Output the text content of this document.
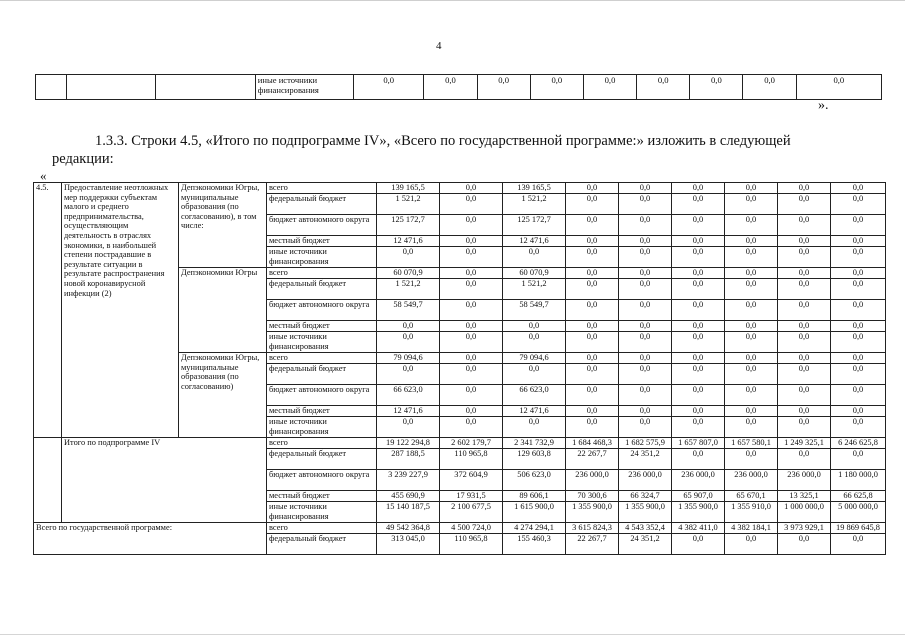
4
			иные источники финансирования	0,0	0,0	0,0	0,0	0,0	0,0	0,0	0,0	0,0
».
1.3.3. Строки 4.5, «Итого по подпрограмме IV», «Всего по государственной программе:» изложить в следующей редакции:
«
4.5.	Предоставление неотложных мер поддержки субъектам малого и среднего предпринимательства, осуществляющим деятельность в отраслях экономики, в наибольшей степени пострадавшие в результате ситуации в результате распространения новой коронавирусной инфекции (2)	Депэкономики Югры, муниципальные образования (по согласованию), в том числе:	всего	139 165,5	0,0	139 165,5	0,0	0,0	0,0	0,0	0,0	0,0
			федеральный бюджет	1 521,2	0,0	1 521,2	0,0	0,0	0,0	0,0	0,0	0,0
			бюджет автономного округа	125 172,7	0,0	125 172,7	0,0	0,0	0,0	0,0	0,0	0,0
			местный бюджет	12 471,6	0,0	12 471,6	0,0	0,0	0,0	0,0	0,0	0,0
			иные источники финансирования	0,0	0,0	0,0	0,0	0,0	0,0	0,0	0,0	0,0
		Депэкономики Югры	всего	60 070,9	0,0	60 070,9	0,0	0,0	0,0	0,0	0,0	0,0
			федеральный бюджет	1 521,2	0,0	1 521,2	0,0	0,0	0,0	0,0	0,0	0,0
			бюджет автономного округа	58 549,7	0,0	58 549,7	0,0	0,0	0,0	0,0	0,0	0,0
			местный бюджет	0,0	0,0	0,0	0,0	0,0	0,0	0,0	0,0	0,0
			иные источники финансирования	0,0	0,0	0,0	0,0	0,0	0,0	0,0	0,0	0,0
		Депэкономики Югры, муниципальные образования (по согласованию)	всего	79 094,6	0,0	79 094,6	0,0	0,0	0,0	0,0	0,0	0,0
			федеральный бюджет	0,0	0,0	0,0	0,0	0,0	0,0	0,0	0,0	0,0
			бюджет автономного округа	66 623,0	0,0	66 623,0	0,0	0,0	0,0	0,0	0,0	0,0
			местный бюджет	12 471,6	0,0	12 471,6	0,0	0,0	0,0	0,0	0,0	0,0
			иные источники финансирования	0,0	0,0	0,0	0,0	0,0	0,0	0,0	0,0	0,0
	Итого по подпрограмме IV		всего	19 122 294,8	2 602 179,7	2 341 732,9	1 684 468,3	1 682 575,9	1 657 807,0	1 657 580,1	1 249 325,1	6 246 625,8
			федеральный бюджет	287 188,5	110 965,8	129 603,8	22 267,7	24 351,2	0,0	0,0	0,0	0,0
			бюджет автономного округа	3 239 227,9	372 604,9	506 623,0	236 000,0	236 000,0	236 000,0	236 000,0	236 000,0	1 180 000,0
			местный бюджет	455 690,9	17 931,5	89 606,1	70 300,6	66 324,7	65 907,0	65 670,1	13 325,1	66 625,8
			иные источники финансирования	15 140 187,5	2 100 677,5	1 615 900,0	1 355 900,0	1 355 900,0	1 355 900,0	1 355 910,0	1 000 000,0	5 000 000,0
Всего по государственной программе:			всего	49 542 364,8	4 500 724,0	4 274 294,1	3 615 824,3	4 543 352,4	4 382 411,0	4 382 184,1	3 973 929,1	19 869 645,8
			федеральный бюджет	313 045,0	110 965,8	155 460,3	22 267,7	24 351,2	0,0	0,0	0,0	0,0
